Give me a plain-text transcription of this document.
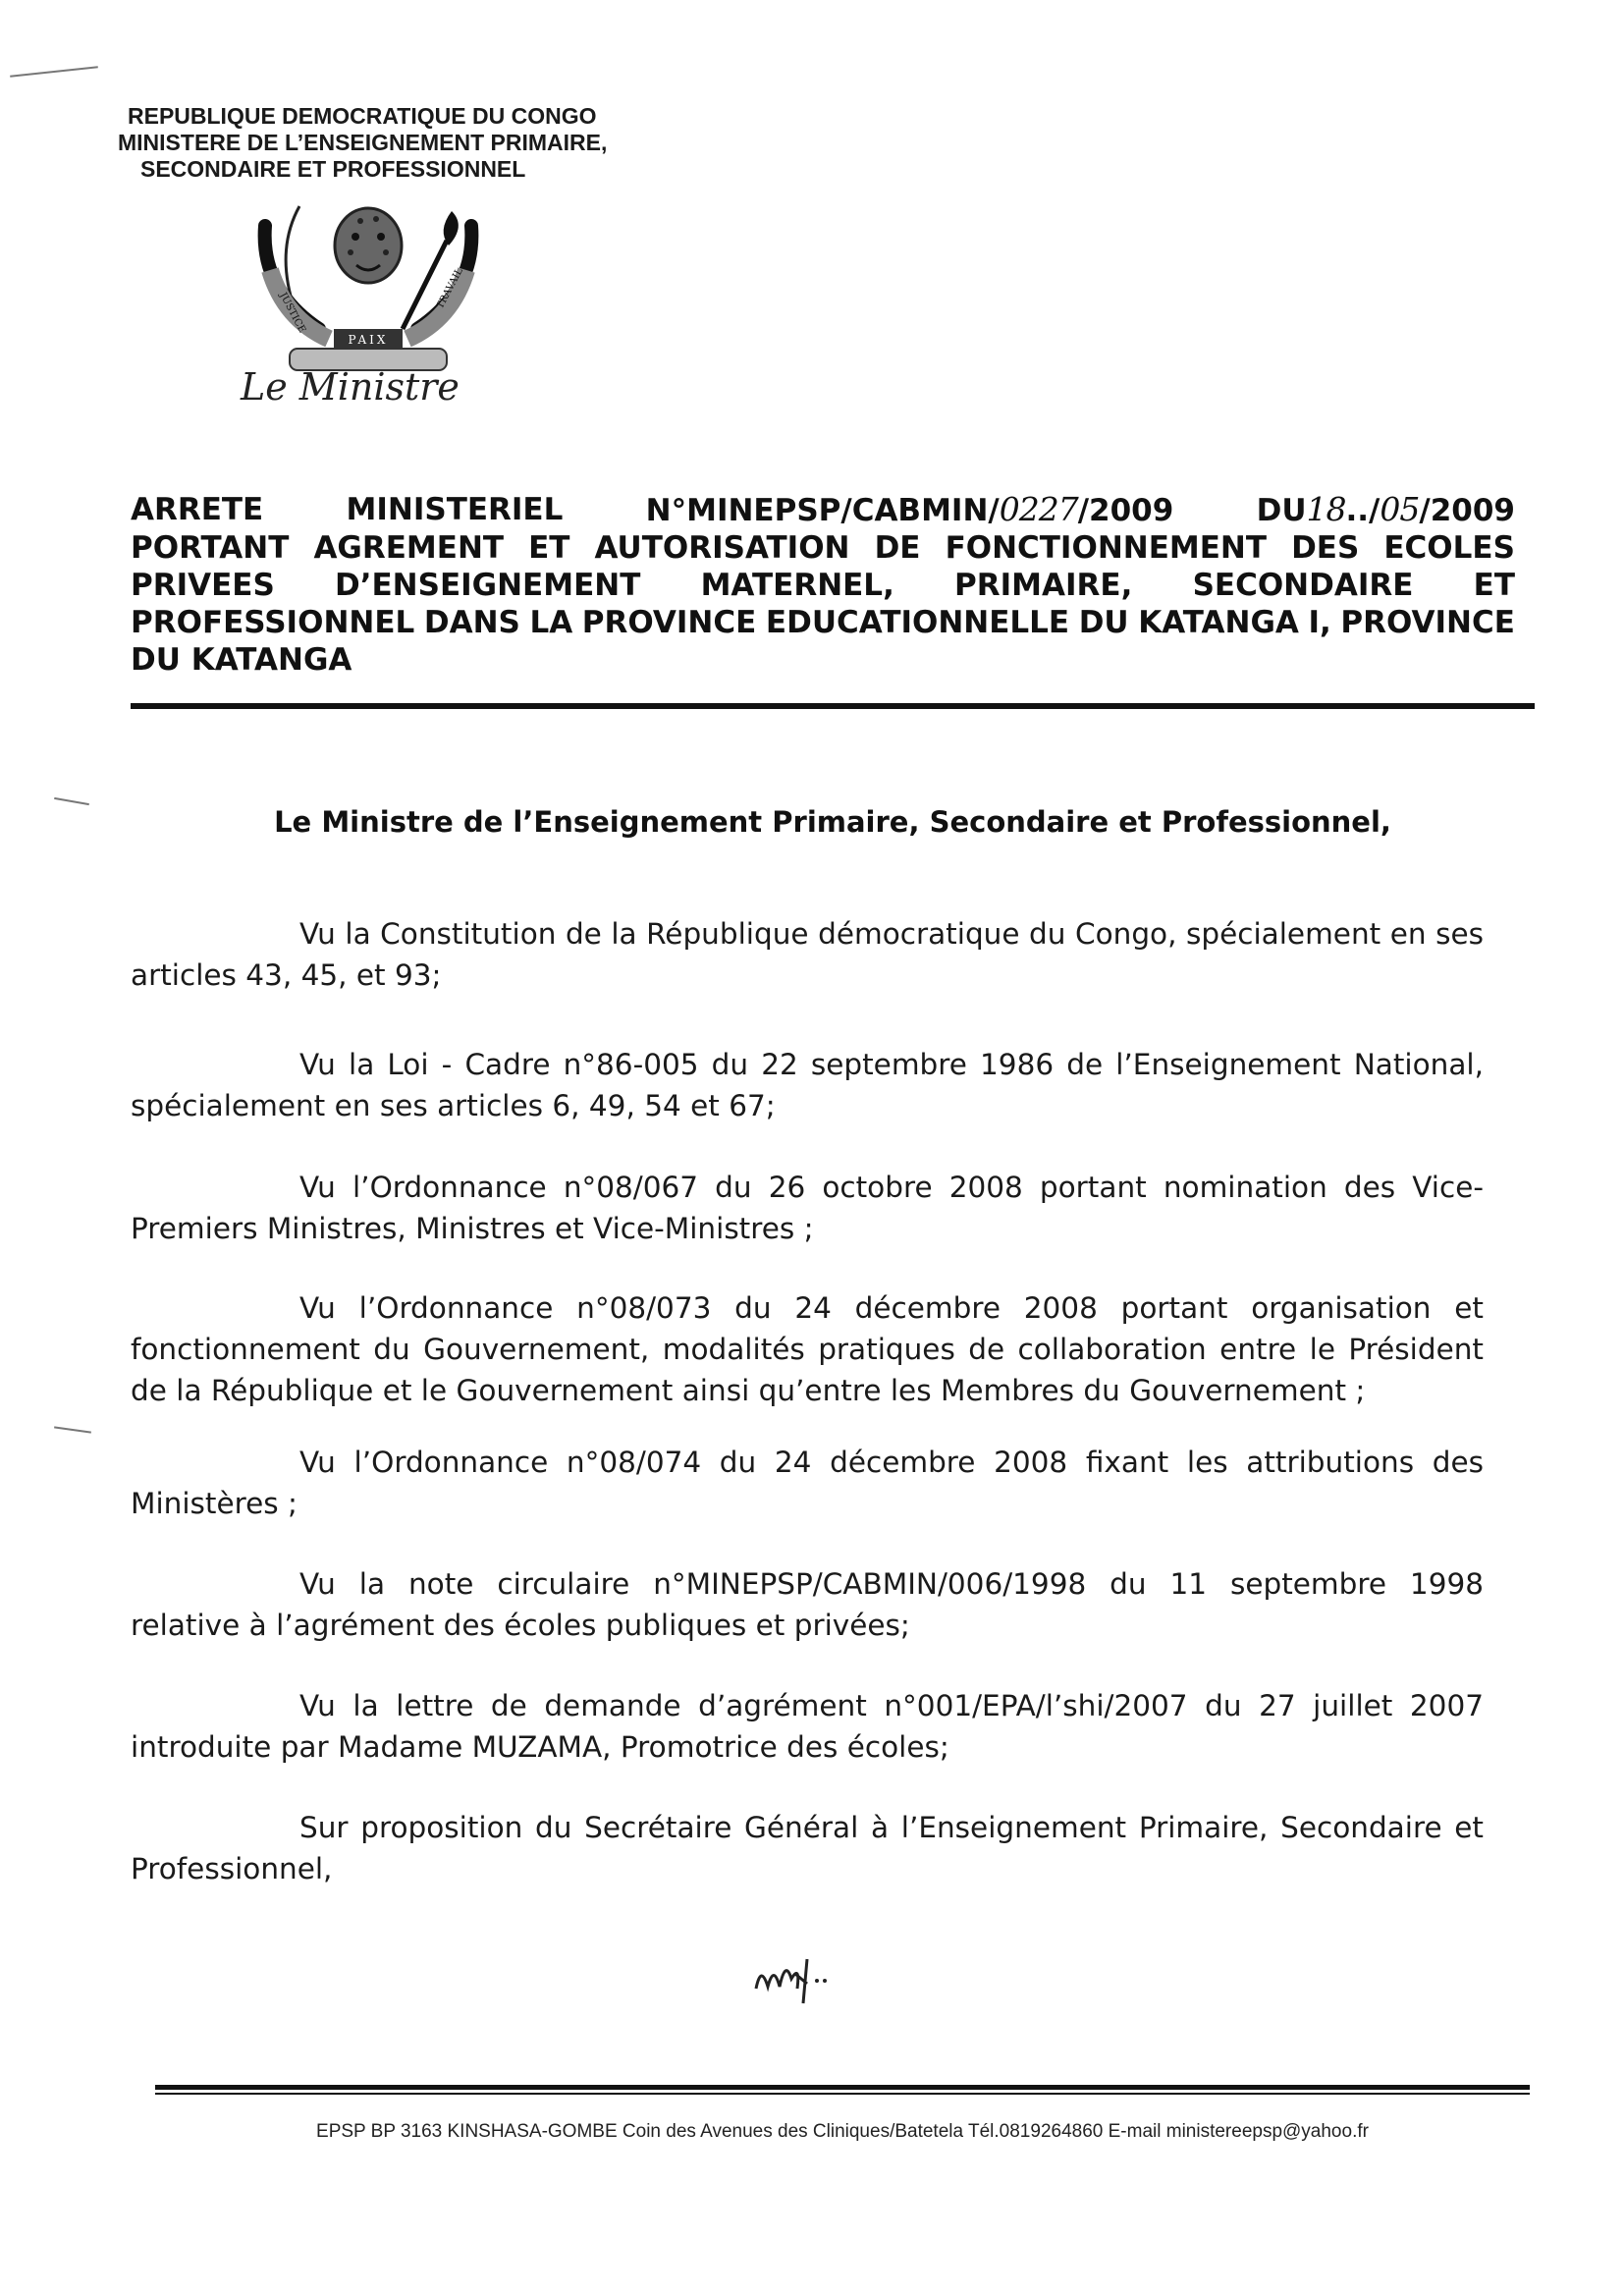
REPUBLIQUE DEMOCRATIQUE DU CONGO
MINISTERE DE L’ENSEIGNEMENT PRIMAIRE,
SECONDAIRE ET PROFESSIONNEL
PAIX
JUSTICE
TRAVAIL
Le Ministre
ARRETE	MINISTERIEL	N°MINEPSP/CABMIN/0227/2009	DU18../05/2009
PORTANT AGREMENT ET AUTORISATION DE FONCTIONNEMENT DES ECOLES
PRIVEES D’ENSEIGNEMENT MATERNEL, PRIMAIRE, SECONDAIRE ET
PROFESSIONNEL DANS LA PROVINCE EDUCATIONNELLE DU KATANGA I, PROVINCE
DU KATANGA
Le Ministre de l’Enseignement Primaire, Secondaire et Professionnel,

Vu la Constitution de la République démocratique du Congo, spécialement en ses articles 43, 45, et 93;

Vu la Loi - Cadre n°86-005 du 22 septembre 1986 de l’Enseignement National, spécialement en ses articles 6, 49, 54 et 67;

Vu l’Ordonnance n°08/067 du 26 octobre 2008 portant nomination des Vice-Premiers Ministres, Ministres et Vice-Ministres ;

Vu l’Ordonnance n°08/073 du 24 décembre 2008 portant organisation et fonctionnement du Gouvernement, modalités pratiques de collaboration entre le Président de la République et le Gouvernement ainsi qu’entre les Membres du Gouvernement ;

Vu l’Ordonnance n°08/074 du 24 décembre 2008 fixant les attributions des Ministères ;

Vu la note circulaire n°MINEPSP/CABMIN/006/1998 du 11 septembre 1998 relative à l’agrément des écoles publiques et privées;

Vu la lettre de demande d’agrément n°001/EPA/l’shi/2007 du 27 juillet 2007 introduite par Madame MUZAMA, Promotrice des écoles;

Sur proposition du Secrétaire Général à l’Enseignement Primaire, Secondaire et Professionnel,

EPSP BP 3163 KINSHASA-GOMBE Coin des Avenues des Cliniques/Batetela Tél.0819264860 E-mail ministereepsp@yahoo.fr
